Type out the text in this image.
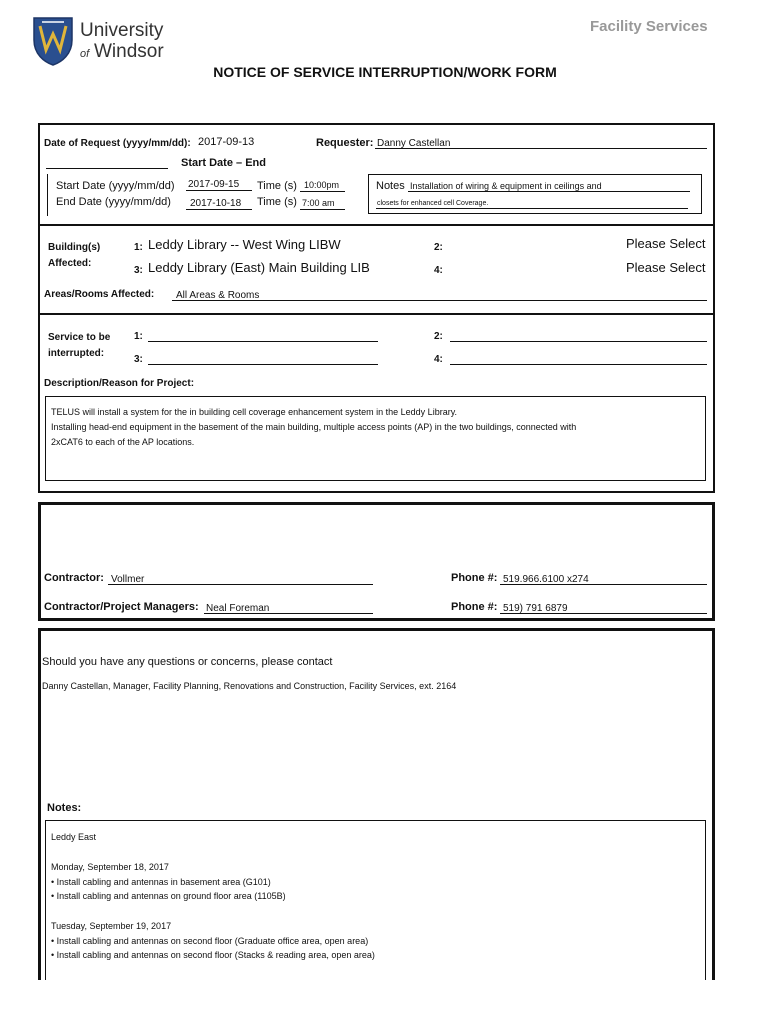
University
of Windsor
Facility Services
NOTICE OF SERVICE INTERRUPTION/WORK FORM
Date of Request (yyyy/mm/dd): 2017-09-13	Requester: Danny Castellan
Start Date – End
Start Date (yyyy/mm/dd) 2017-09-15 Time (s) 10:00pm
End Date (yyyy/mm/dd) 2017-10-18 Time (s) 7:00 am
Notes Installation of wiring & equipment in ceilings and
closets for enhanced cell Coverage.
Building(s)
Affected:
1: Leddy Library -- West Wing LIBW	2:	Please Select
3: Leddy Library (East) Main Building LIB	4:	Please Select
Areas/Rooms Affected: All Areas & Rooms
Service to be
interrupted:
1:	2:
3:	4:
Description/Reason for Project:
TELUS will install a system for the in building cell coverage enhancement system in the Leddy Library.
Installing head-end equipment in the basement of the main building, multiple access points (AP) in the two buildings, connected with
2xCAT6 to each of the AP locations.
Contractor: Vollmer	Phone #: 519.966.6100 x274
Contractor/Project Managers: Neal Foreman	Phone #: 519) 791 6879
Should you have any questions or concerns, please contact
Danny Castellan, Manager, Facility Planning, Renovations and Construction, Facility Services, ext. 2164
Notes:
Leddy East
Monday, September 18, 2017
• Install cabling and antennas in basement area (G101)
• Install cabling and antennas on ground floor area (1105B)
Tuesday, September 19, 2017
• Install cabling and antennas on second floor (Graduate office area, open area)
• Install cabling and antennas on second floor (Stacks & reading area, open area)
